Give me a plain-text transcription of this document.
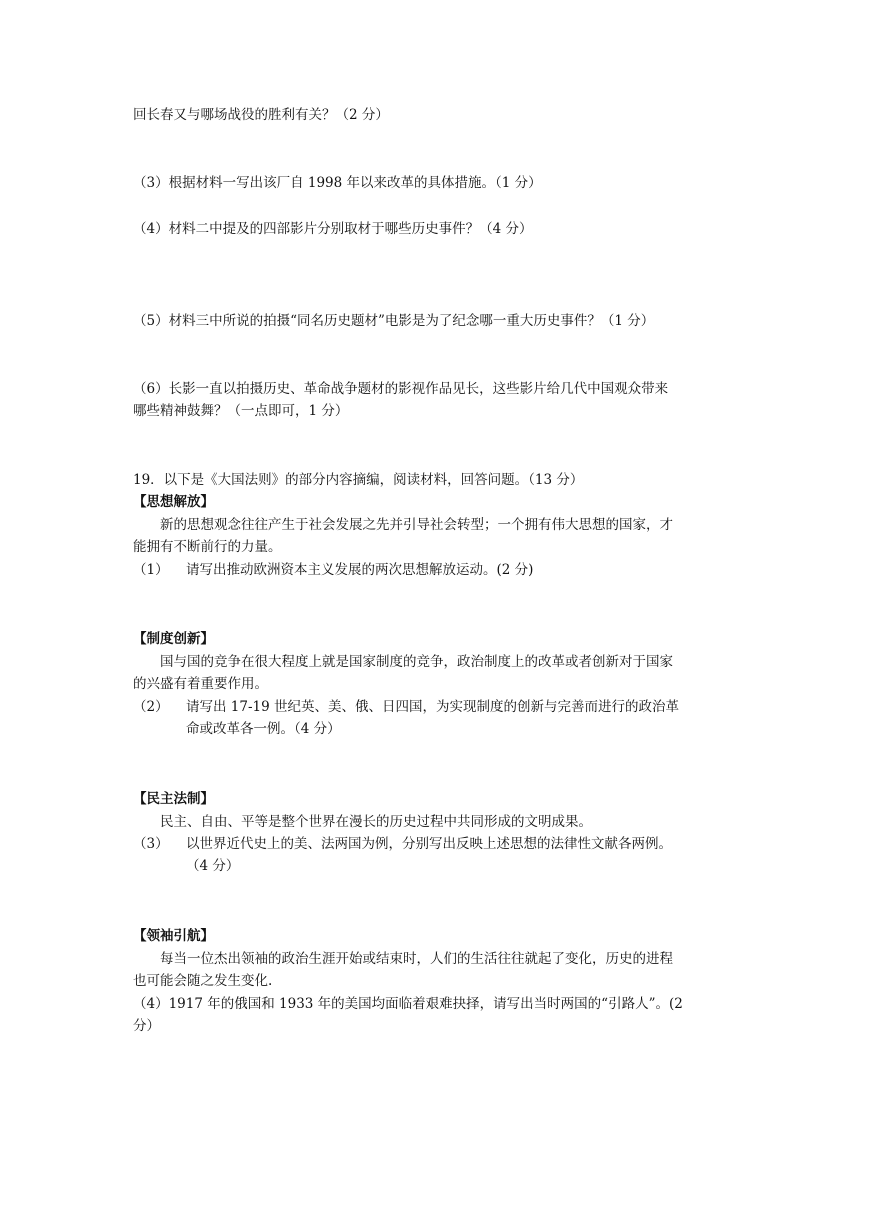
回长春又与哪场战役的胜利有关？（2 分）
（3）根据材料一写出该厂自 1998 年以来改革的具体措施。（1 分）
（4）材料二中提及的四部影片分别取材于哪些历史事件？（4 分）
（5）材料三中所说的拍摄“同名历史题材”电影是为了纪念哪一重大历史事件？（1 分）
（6）长影一直以拍摄历史、革命战争题材的影视作品见长，这些影片给几代中国观众带来
哪些精神鼓舞？（一点即可，1 分）
19．以下是《大国法则》的部分内容摘编，阅读材料，回答问题。（13 分）
【思想解放】
新的思想观念往往产生于社会发展之先并引导社会转型；一个拥有伟大思想的国家，才
能拥有不断前行的力量。
（1） 请写出推动欧洲资本主义发展的两次思想解放运动。(2 分)
【制度创新】
国与国的竞争在很大程度上就是国家制度的竞争，政治制度上的改革或者创新对于国家
的兴盛有着重要作用。
（2） 请写出 17-19 世纪英、美、俄、日四国，为实现制度的创新与完善而进行的政治革
命或改革各一例。（4 分）
【民主法制】
民主、自由、平等是整个世界在漫长的历史过程中共同形成的文明成果。
（3） 以世界近代史上的美、法两国为例，分别写出反映上述思想的法律性文献各两例。
（4 分）
【领袖引航】
每当一位杰出领袖的政治生涯开始或结束时，人们的生活往往就起了变化，历史的进程
也可能会随之发生变化.
（4）1917 年的俄国和 1933 年的美国均面临着艰难抉择，请写出当时两国的“引路人”。(2
分）
